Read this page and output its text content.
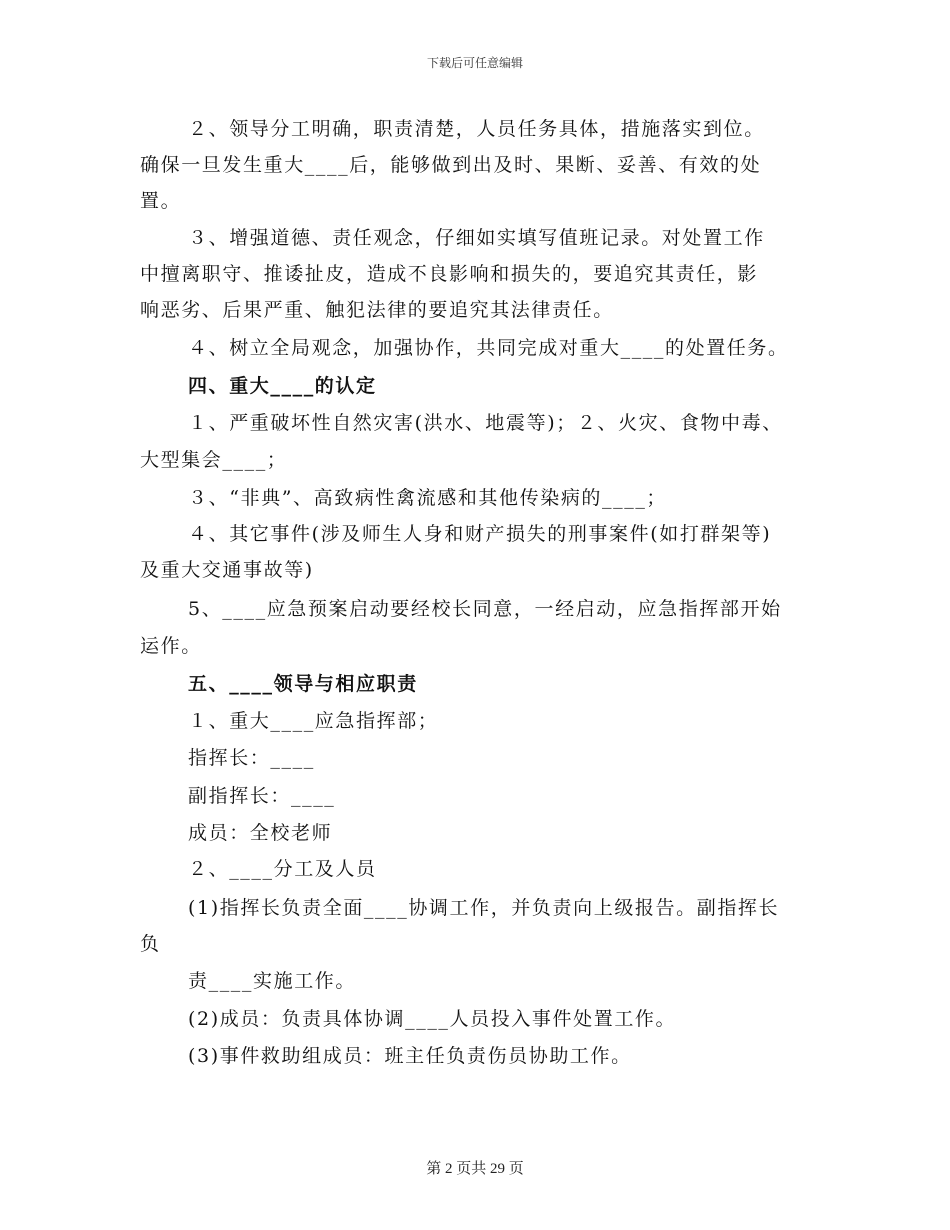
下载后可任意编辑

２、领导分工明确，职责清楚，人员任务具体，措施落实到位。

确保一旦发生重大____后，能够做到出及时、果断、妥善、有效的处

置。

３、增强道德、责任观念，仔细如实填写值班记录。对处置工作

中擅离职守、推诿扯皮，造成不良影响和损失的，要追究其责任，影

响恶劣、后果严重、触犯法律的要追究其法律责任。

４、树立全局观念，加强协作，共同完成对重大____的处置任务。

四、重大____的认定

１、严重破坏性自然灾害(洪水、地震等)；２、火灾、食物中毒、

大型集会____；

３、“非典”、高致病性禽流感和其他传染病的____；

４、其它事件(涉及师生人身和财产损失的刑事案件(如打群架等)

及重大交通事故等)

5、____应急预案启动要经校长同意，一经启动，应急指挥部开始

运作。

五、____领导与相应职责

１、重大____应急指挥部；

指挥长：____

副指挥长：____

成员：全校老师

２、____分工及人员

(1)指挥长负责全面____协调工作，并负责向上级报告。副指挥长

负

责____实施工作。

(2)成员：负责具体协调____人员投入事件处置工作。

(3)事件救助组成员：班主任负责伤员协助工作。

第 2 页共 29 页
